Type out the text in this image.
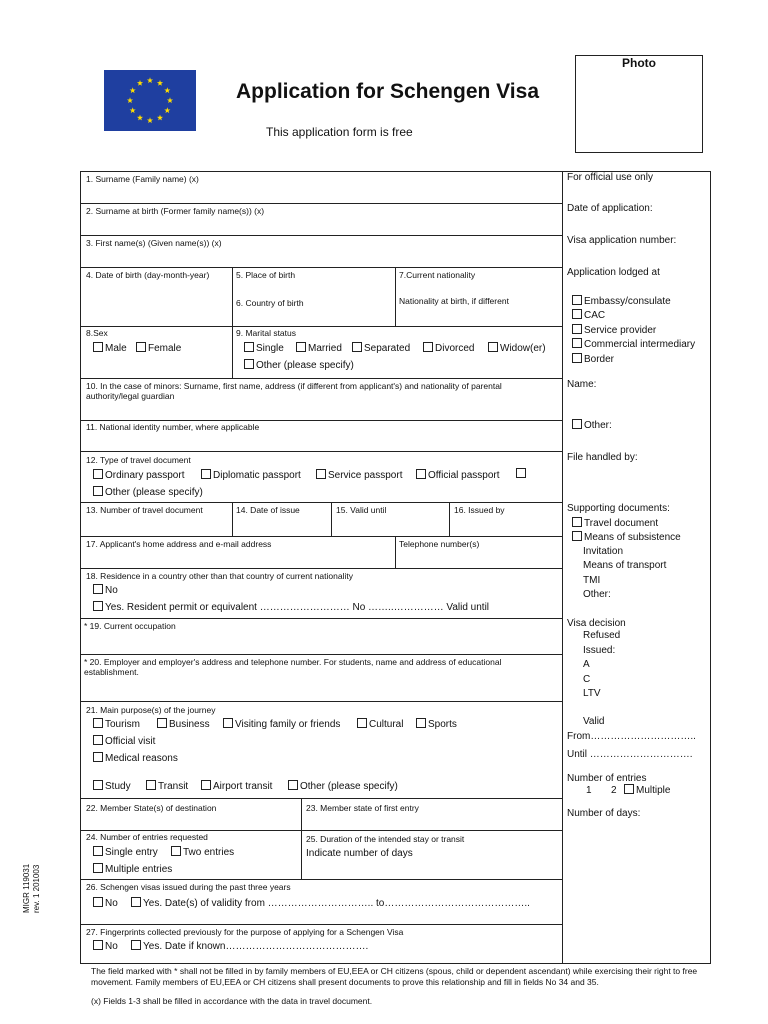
Application for Schengen Visa
This application form is free
Photo
MIGR 119031 rev. 1 201003
1. Surname (Family name) (x)
2. Surname at birth (Former family name(s)) (x)
3. First name(s) (Given name(s)) (x)
4. Date of birth (day-month-year)	5. Place of birth
6. Country of birth
7.Current nationality
Nationality at birth, if different
8.Sex
Male	Female
9. Marital status
Single	Married	Separated	Divorced	Widow(er)
Other (please specify)
10. In the case of minors: Surname, first name, address (if different from applicant's) and nationality of parental authority/legal guardian
11. National identity number, where applicable
12. Type of travel document
Ordinary passport	Diplomatic passport	Service passport	Official passport
Other (please specify)
13. Number of travel document	14. Date of issue	15. Valid until	16. Issued by
17. Applicant's home address and e-mail address	Telephone number(s)
18. Residence in a country other than that country of current nationality
No
Yes. Resident permit or equivalent ……………………… No ……..…………… Valid until
* 19. Current occupation
* 20. Employer and employer's address and telephone number. For students, name and address of educational establishment.
21. Main purpose(s) of the journey
Tourism	Business	Visiting family or friends	Cultural	Sports
Official visit
Medical reasons
Study	Transit	Airport transit	Other (please specify)
22. Member State(s) of destination	23. Member state of first entry
24. Number of entries requested
Single entry	Two entries
Multiple entries
25. Duration of the intended stay or transit
Indicate number of days
26. Schengen visas issued during the past three years
No	Yes. Date(s) of validity from ………………………….. to……………………………………..
27. Fingerprints collected previously for the purpose of applying for a Schengen Visa
No	Yes. Date if known…………………………………….
For official use only
Date of application:
Visa application number:
Application lodged at
Embassy/consulate
CAC
Service provider
Commercial intermediary
Border
Name:
Other:
File handled by:
Supporting documents:
Travel document
Means of subsistence
Invitation
Means of transport
TMI
Other:
Visa decision
Refused
Issued:
A
C
LTV
Valid
From…………………………..
Until ………………………….
Number of entries
1 2	Multiple
Number of days:
The field marked with * shall not be filled in by family members of EU,EEA or CH citizens (spous, child or dependent ascendant) while exercising their right to free movement. Family members of EU,EEA or CH citizens shall present documents to prove this relationship and fill in fields No 34 and 35.
(x) Fields 1-3 shall be filled in accordance with the data in travel document.
